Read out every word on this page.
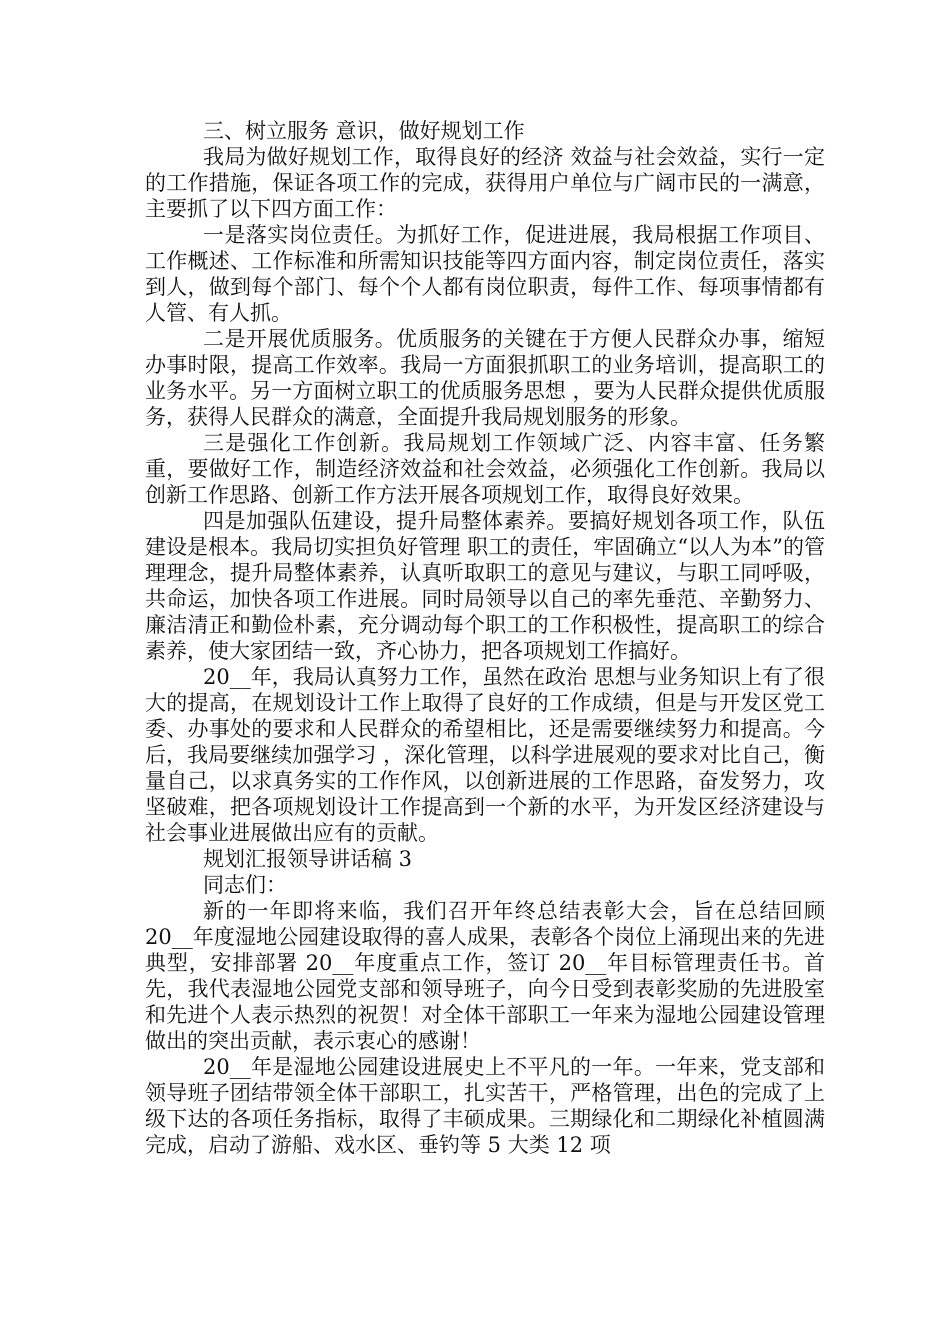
三、树立服务 意识，做好规划工作

我局为做好规划工作，取得良好的经济 效益与社会效益，实行一定的工作措施，保证各项工作的完成，获得用户单位与广阔市民的一满意，主要抓了以下四方面工作：

一是落实岗位责任。为抓好工作，促进进展，我局根据工作项目、工作概述、工作标准和所需知识技能等四方面内容，制定岗位责任，落实到人，做到每个部门、每个个人都有岗位职责，每件工作、每项事情都有人管、有人抓。

二是开展优质服务。优质服务的关键在于方便人民群众办事，缩短办事时限，提高工作效率。我局一方面狠抓职工的业务培训，提高职工的业务水平。另一方面树立职工的优质服务思想 ，要为人民群众提供优质服务，获得人民群众的满意，全面提升我局规划服务的形象。

三是强化工作创新。我局规划工作领域广泛、内容丰富、任务繁重，要做好工作，制造经济效益和社会效益，必须强化工作创新。我局以创新工作思路、创新工作方法开展各项规划工作，取得良好效果。

四是加强队伍建设，提升局整体素养。要搞好规划各项工作，队伍建设是根本。我局切实担负好管理 职工的责任，牢固确立“以人为本”的管理理念，提升局整体素养，认真听取职工的意见与建议，与职工同呼吸，共命运，加快各项工作进展。同时局领导以自己的率先垂范、辛勤努力、廉洁清正和勤俭朴素，充分调动每个职工的工作积极性，提高职工的综合素养，使大家团结一致，齐心协力，把各项规划工作搞好。

20__年，我局认真努力工作，虽然在政治 思想与业务知识上有了很大的提高，在规划设计工作上取得了良好的工作成绩，但是与开发区党工委、办事处的要求和人民群众的希望相比，还是需要继续努力和提高。今后，我局要继续加强学习 ，深化管理，以科学进展观的要求对比自己，衡量自己，以求真务实的工作作风，以创新进展的工作思路，奋发努力，攻坚破难，把各项规划设计工作提高到一个新的水平，为开发区经济建设与社会事业进展做出应有的贡献。

规划汇报领导讲话稿 3

同志们：

新的一年即将来临，我们召开年终总结表彰大会，旨在总结回顾 20__年度湿地公园建设取得的喜人成果，表彰各个岗位上涌现出来的先进典型，安排部署 20__年度重点工作，签订 20__年目标管理责任书。首先，我代表湿地公园党支部和领导班子，向今日受到表彰奖励的先进股室和先进个人表示热烈的祝贺！对全体干部职工一年来为湿地公园建设管理做出的突出贡献，表示衷心的感谢！

20__年是湿地公园建设进展史上不平凡的一年。一年来，党支部和领导班子团结带领全体干部职工，扎实苦干，严格管理，出色的完成了上级下达的各项任务指标，取得了丰硕成果。三期绿化和二期绿化补植圆满完成，启动了游船、戏水区、垂钓等 5 大类 12 项
